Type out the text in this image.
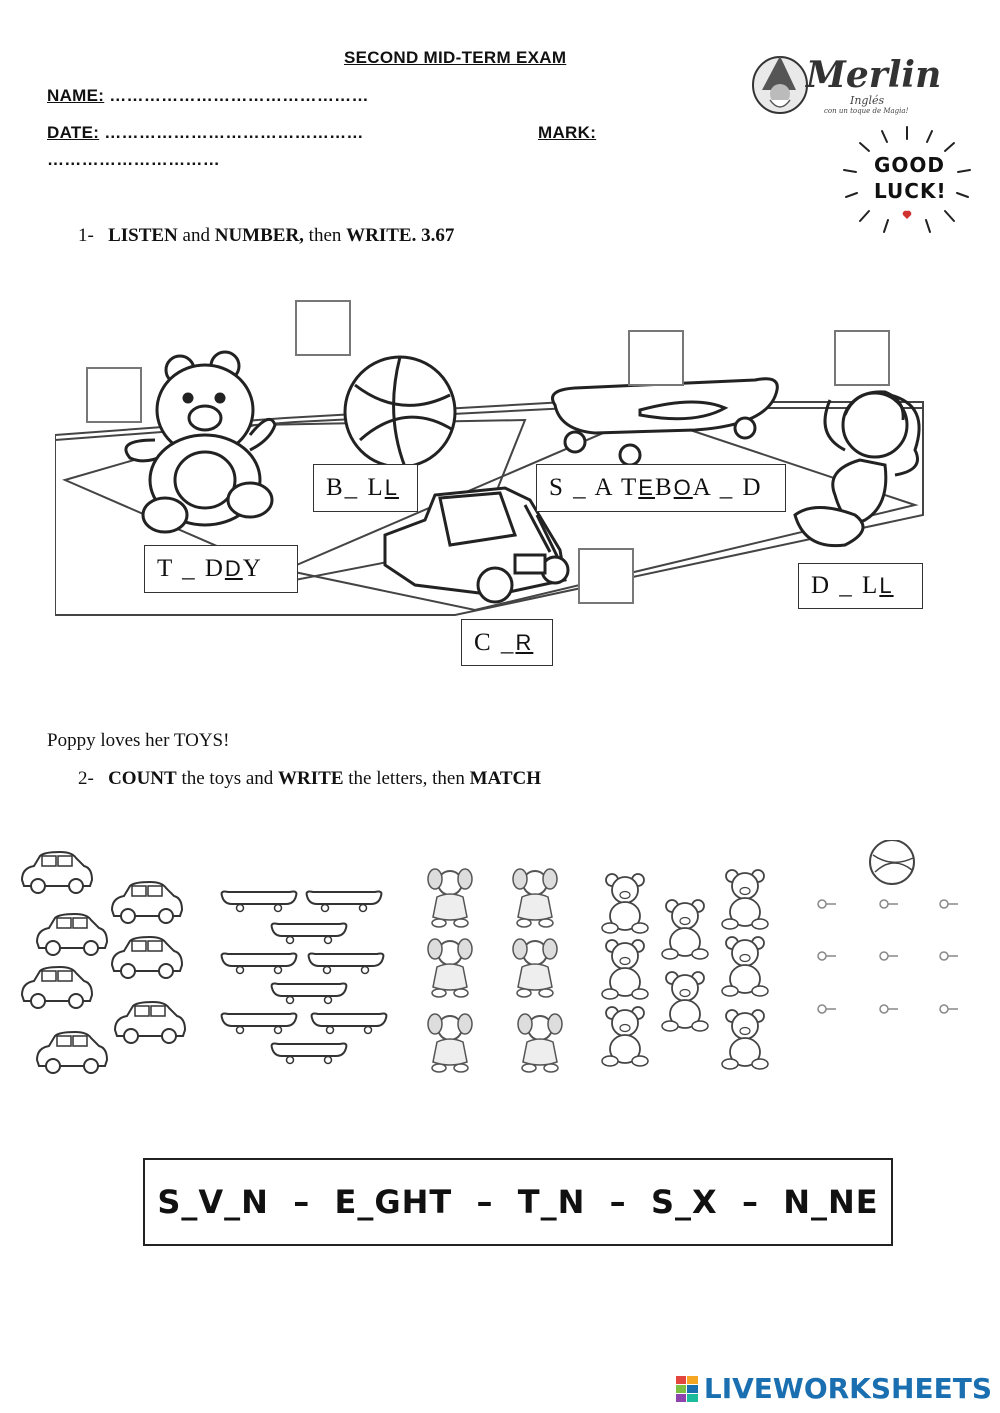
SECOND MID-TERM EXAM
NAME: ………………………………………
DATE: ………………………………………	MARK:
…………………………
Merlin
Inglés
con un toque de Magia!
GOOD
LUCK!
1- LISTEN and NUMBER, then WRITE. 3.67
B_ L L	S _ A T E B O A _ D
T _ D D Y
D _ L L
C _ R
Poppy loves her TOYS!
2- COUNT the toys and WRITE the letters, then MATCH
S_V_N  –  E_GHT  –  T_N  –  S_X  –  N_NE
LIVEWORKSHEETS
